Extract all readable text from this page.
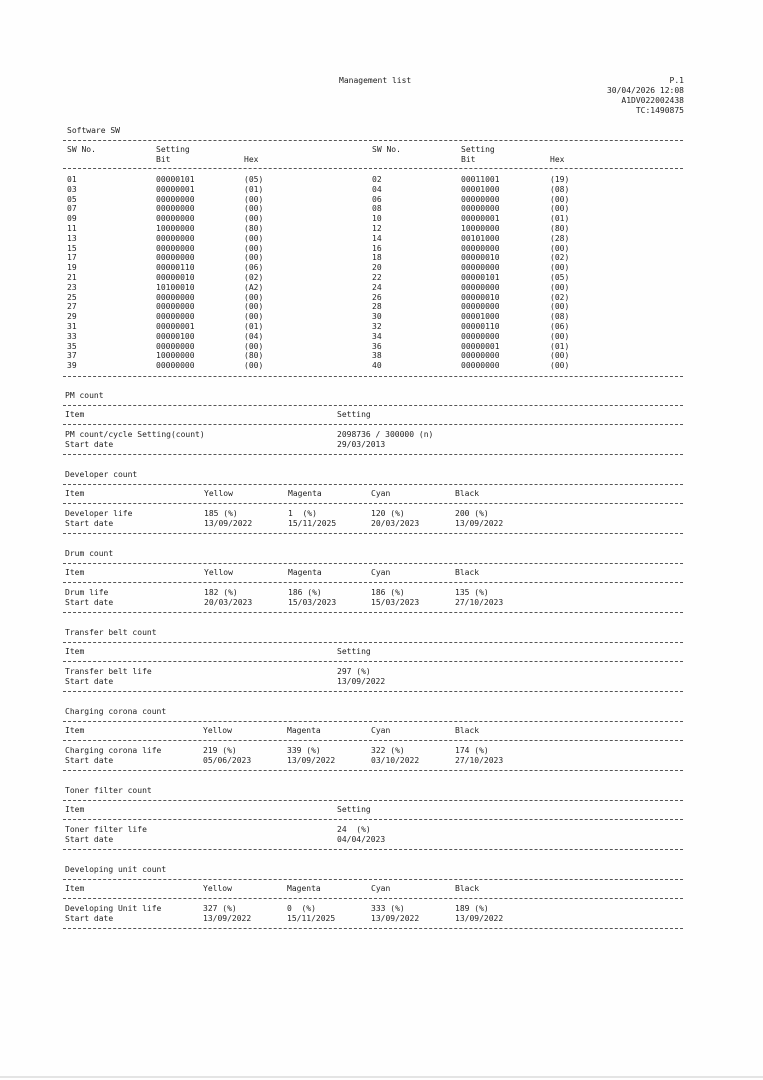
Management list	P.1
30/04/2026 12:08
A1DV022002438
TC:1490875
Software SW
SW No.	Setting
Bit	Hex
SW No.	Setting
Bit	Hex
01	00000101	(05)	02	00011001	(19)
03	00000001	(01)	04	00001000	(08)
05	00000000	(00)	06	00000000	(00)
07	00000000	(00)	08	00000000	(00)
09	00000000	(00)	10	00000001	(01)
11	10000000	(80)	12	10000000	(80)
13	00000000	(00)	14	00101000	(28)
15	00000000	(00)	16	00000000	(00)
17	00000000	(00)	18	00000010	(02)
19	00000110	(06)	20	00000000	(00)
21	00000010	(02)	22	00000101	(05)
23	10100010	(A2)	24	00000000	(00)
25	00000000	(00)	26	00000010	(02)
27	00000000	(00)	28	00000000	(00)
29	00000000	(00)	30	00001000	(08)
31	00000001	(01)	32	00000110	(06)
33	00000100	(04)	34	00000000	(00)
35	00000000	(00)	36	00000001	(01)
37	10000000	(80)	38	00000000	(00)
39	00000000	(00)	40	00000000	(00)
PM count
Item	Setting
PM count/cycle Setting(count)	2098736 / 300000 (n)
Start date	29/03/2013
Developer count
Item	Yellow	Magenta	Cyan	Black
Developer life	185 (%)	1  (%)	120 (%)	200 (%)
Start date	13/09/2022	15/11/2025	20/03/2023	13/09/2022
Drum count
Item	Yellow	Magenta	Cyan	Black
Drum life	182 (%)	186 (%)	186 (%)	135 (%)
Start date	20/03/2023	15/03/2023	15/03/2023	27/10/2023
Transfer belt count
Item	Setting
Transfer belt life	297 (%)
Start date	13/09/2022
Charging corona count
Item	Yellow	Magenta	Cyan	Black
Charging corona life	219 (%)	339 (%)	322 (%)	174 (%)
Start date	05/06/2023	13/09/2022	03/10/2022	27/10/2023
Toner filter count
Item	Setting
Toner filter life	24  (%)
Start date	04/04/2023
Developing unit count
Item	Yellow	Magenta	Cyan	Black
Developing Unit life	327 (%)	0  (%)	333 (%)	189 (%)
Start date	13/09/2022	15/11/2025	13/09/2022	13/09/2022
